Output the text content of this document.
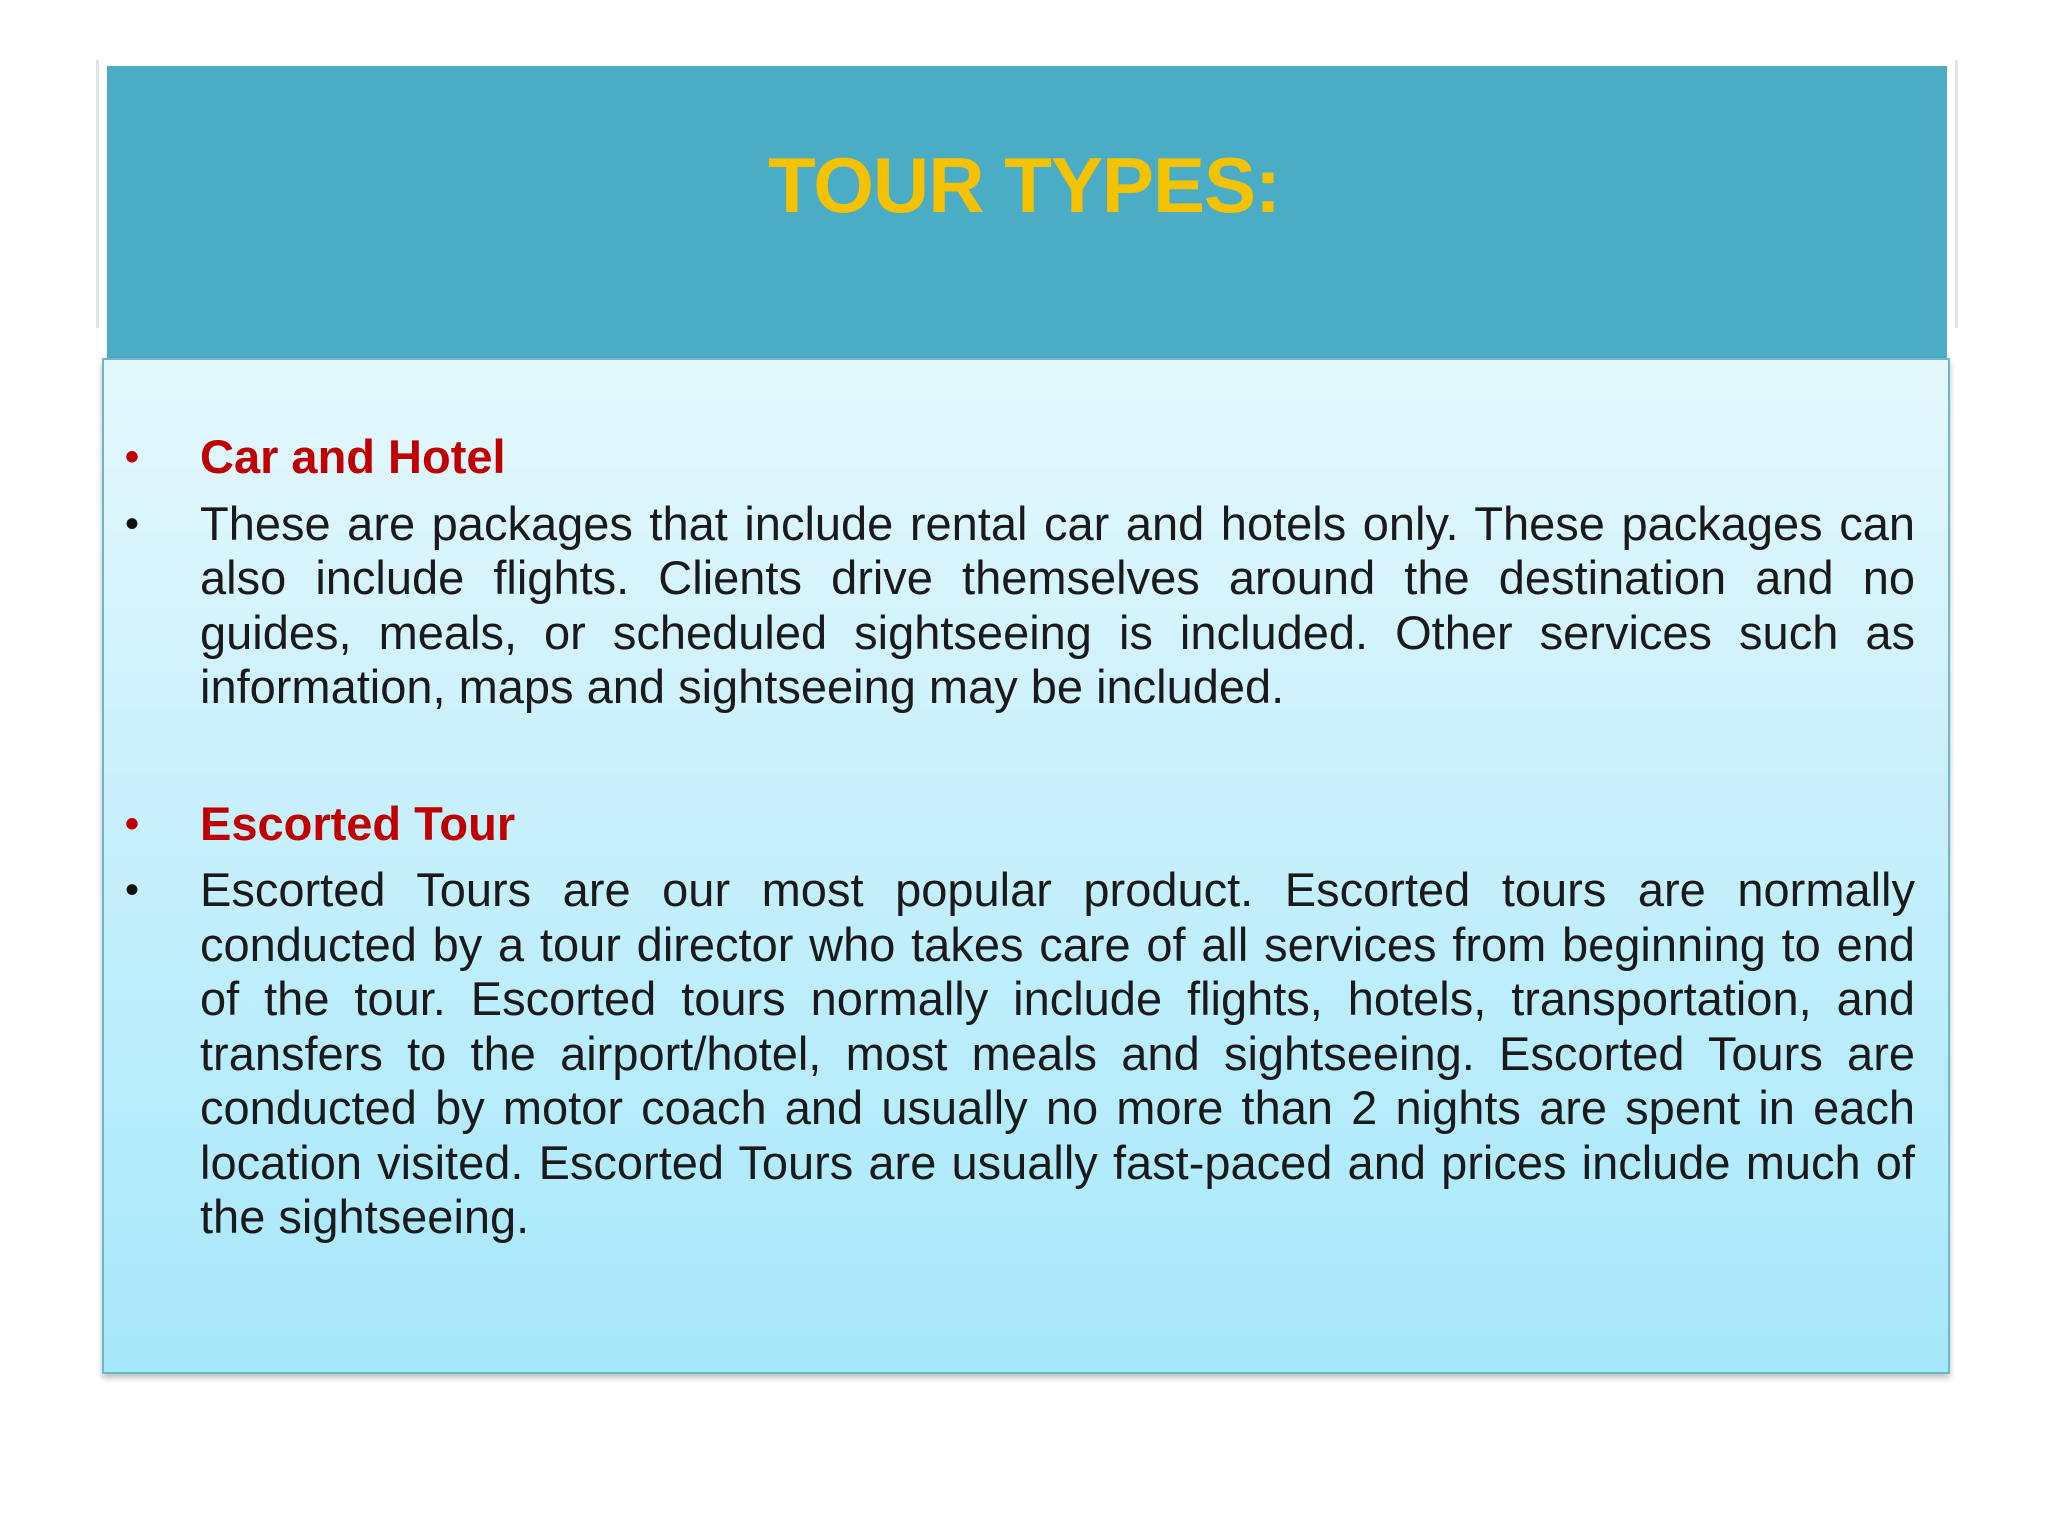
TOUR TYPES:
• Car and Hotel
• These are packages that include rental car and hotels only. These packages can also include flights. Clients drive themselves around the destination and no guides, meals, or scheduled sightseeing is included. Other services such as information, maps and sightseeing may be included.
• Escorted Tour
• Escorted Tours are our most popular product. Escorted tours are normally conducted by a tour director who takes care of all services from beginning to end of the tour. Escorted tours normally include flights, hotels, transportation, and transfers to the airport/hotel, most meals and sightseeing. Escorted Tours are conducted by motor coach and usually no more than 2 nights are spent in each location visited. Escorted Tours are usually fast-paced and prices include much of the sightseeing.
